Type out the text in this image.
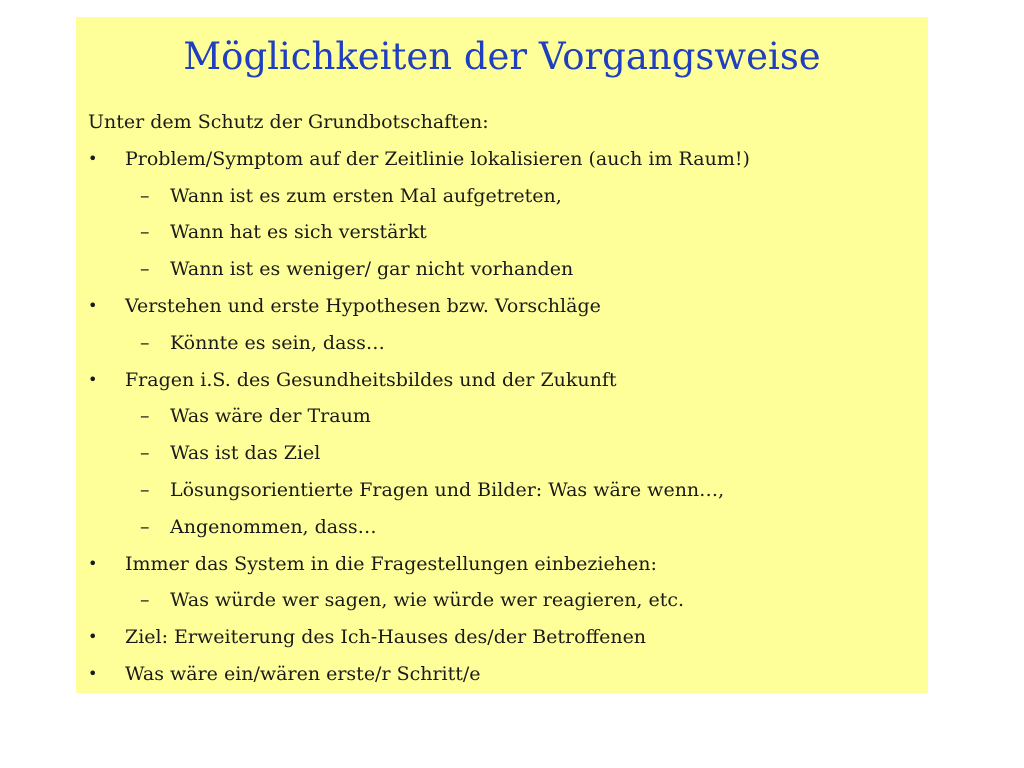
Möglichkeiten der Vorgangsweise
Unter dem Schutz der Grundbotschaften:
• Problem/Symptom auf der Zeitlinie lokalisieren (auch im Raum!)
– Wann ist es zum ersten Mal aufgetreten,
– Wann hat es sich verstärkt
– Wann ist es weniger/ gar nicht vorhanden
• Verstehen und erste Hypothesen bzw. Vorschläge
– Könnte es sein, dass…
• Fragen i.S. des Gesundheitsbildes und der Zukunft
– Was wäre der Traum
– Was ist das Ziel
– Lösungsorientierte Fragen und Bilder: Was wäre wenn…,
– Angenommen, dass…
• Immer das System in die Fragestellungen einbeziehen:
– Was würde wer sagen, wie würde wer reagieren, etc.
• Ziel: Erweiterung des Ich-Hauses des/der Betroffenen
• Was wäre ein/wären erste/r Schritt/e
